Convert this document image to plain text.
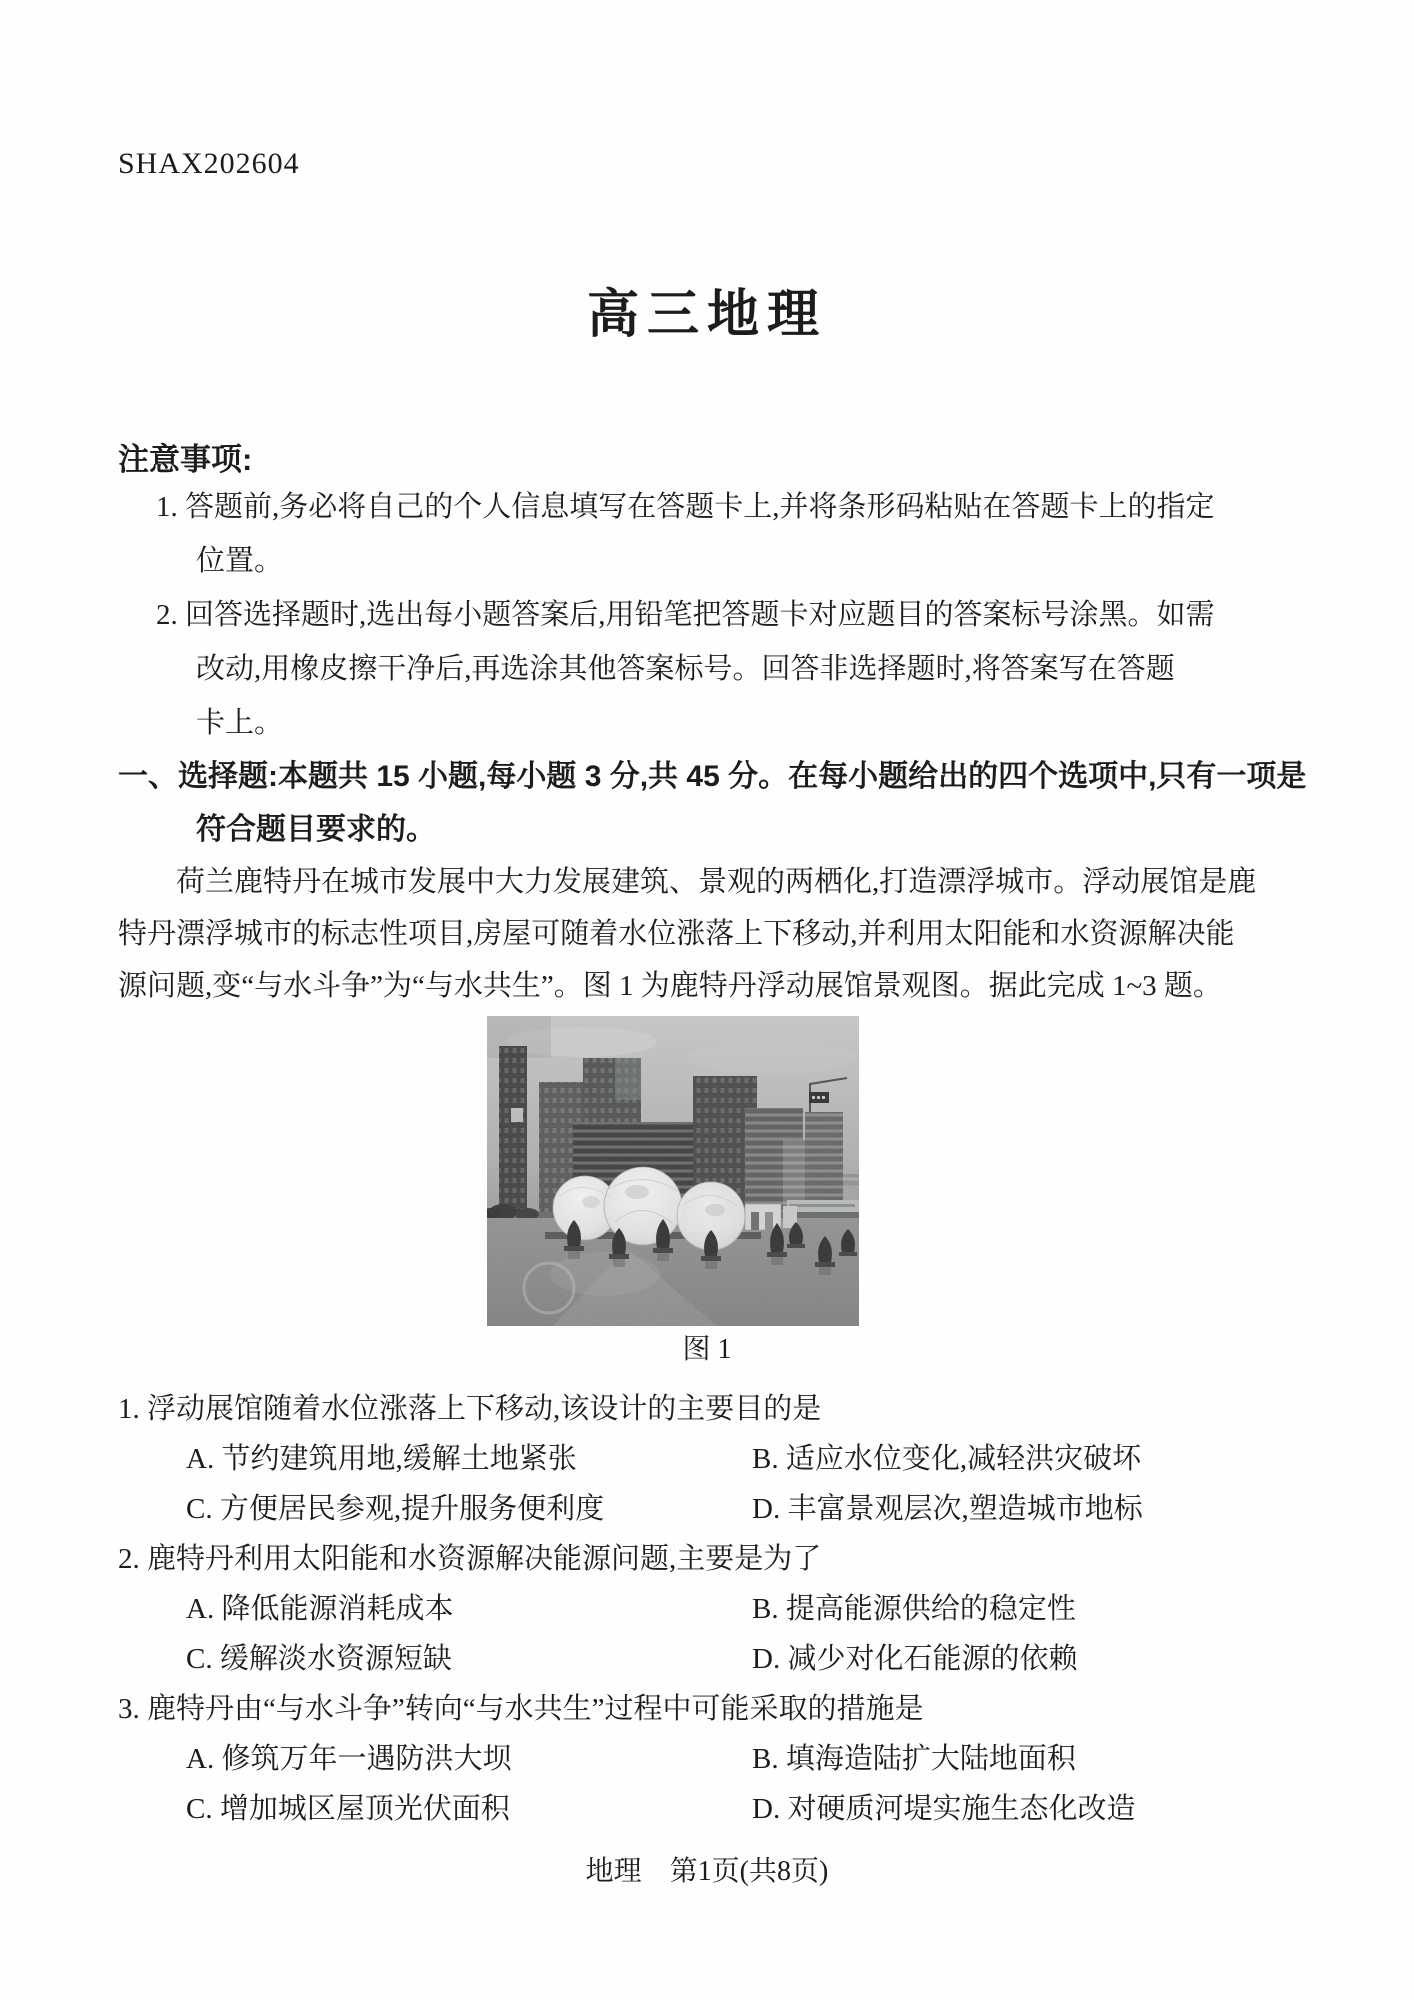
SHAX202604
高三地理
注意事项:
1. 答题前,务必将自己的个人信息填写在答题卡上,并将条形码粘贴在答题卡上的指定
位置。
2. 回答选择题时,选出每小题答案后,用铅笔把答题卡对应题目的答案标号涂黑。如需
改动,用橡皮擦干净后,再选涂其他答案标号。回答非选择题时,将答案写在答题
卡上。
一、选择题:本题共 15 小题,每小题 3 分,共 45 分。在每小题给出的四个选项中,只有一项是
符合题目要求的。
荷兰鹿特丹在城市发展中大力发展建筑、景观的两栖化,打造漂浮城市。浮动展馆是鹿
特丹漂浮城市的标志性项目,房屋可随着水位涨落上下移动,并利用太阳能和水资源解决能
源问题,变“与水斗争”为“与水共生”。图 1 为鹿特丹浮动展馆景观图。据此完成 1~3 题。
图 1
1. 浮动展馆随着水位涨落上下移动,该设计的主要目的是
A. 节约建筑用地,缓解土地紧张	B. 适应水位变化,减轻洪灾破坏
C. 方便居民参观,提升服务便利度	D. 丰富景观层次,塑造城市地标
2. 鹿特丹利用太阳能和水资源解决能源问题,主要是为了
A. 降低能源消耗成本	B. 提高能源供给的稳定性
C. 缓解淡水资源短缺	D. 减少对化石能源的依赖
3. 鹿特丹由“与水斗争”转向“与水共生”过程中可能采取的措施是
A. 修筑万年一遇防洪大坝	B. 填海造陆扩大陆地面积
C. 增加城区屋顶光伏面积	D. 对硬质河堤实施生态化改造
地理　第1页(共8页)
